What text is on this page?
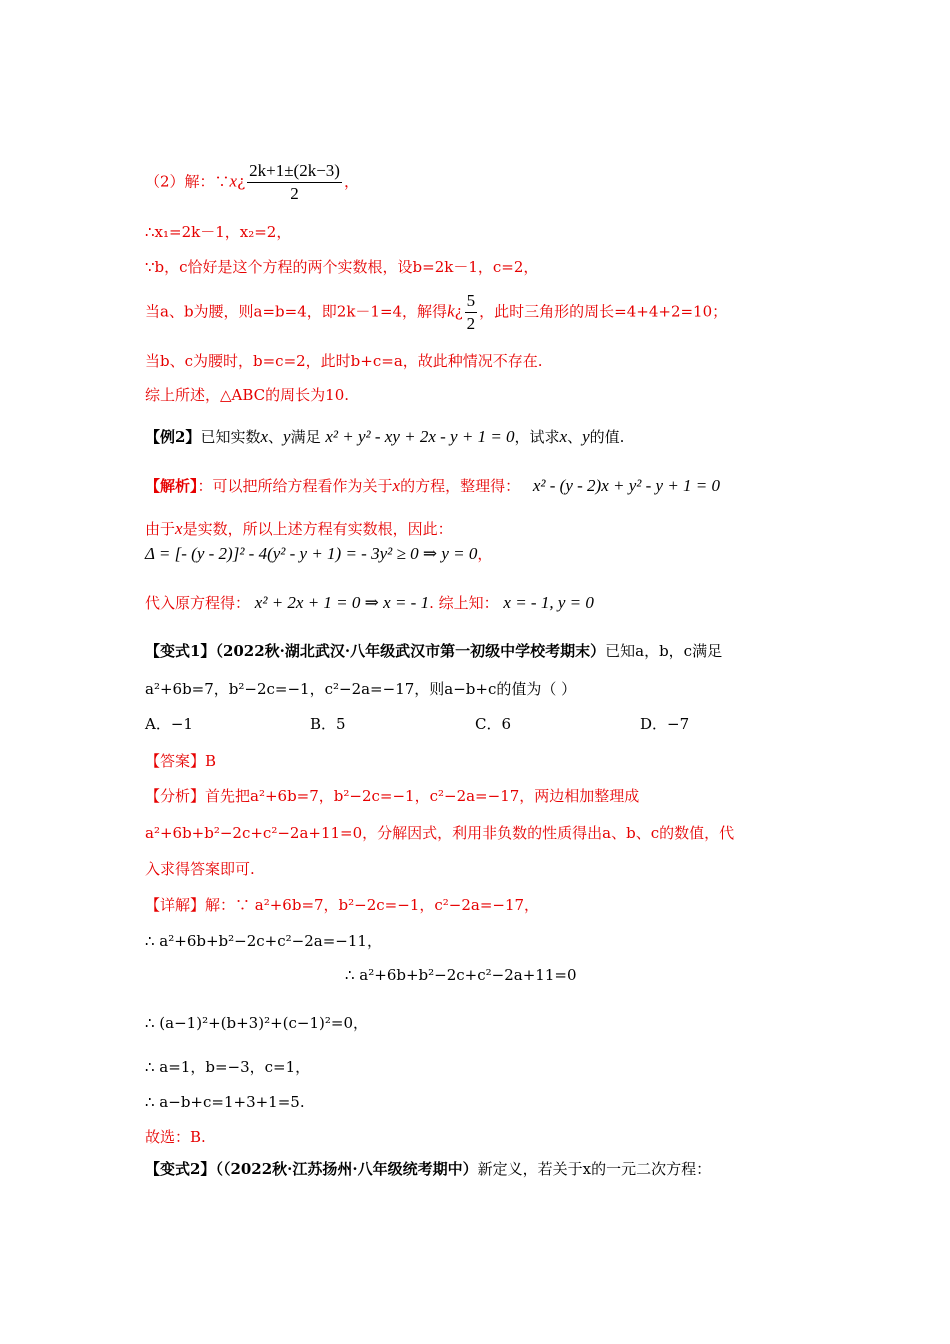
（2）解：∵x¿ $\frac{2k+1\pm(2k-3)}{2}$ ，
∴x₁=2k－1，x₂=2，
∵b，c恰好是这个方程的两个实数根，设b=2k－1，c=2，
当a、b为腰，则a=b=4，即2k－1=4，解得k¿ $\frac{5}{2}$ ，此时三角形的周长=4+4+2=10；
当b、c为腰时，b=c=2，此时b+c=a，故此种情况不存在.
综上所述，△ABC的周长为10.
【例2】已知实数x、y满足 x² + y² - xy + 2x - y + 1 = 0，试求x、y的值.
【解析】：可以把所给方程看作为关于x的方程，整理得： x² - (y - 2)x + y² - y + 1 = 0
由于x是实数，所以上述方程有实数根，因此：
Δ = [- (y - 2)]² - 4(y² - y + 1) = - 3y² ≥ 0 ⇒ y = 0，
代入原方程得： x² + 2x + 1 = 0 ⇒ x = - 1. 综上知： x = - 1, y = 0
【变式1】（2022秋·湖北武汉·八年级武汉市第一初级中学校考期末）已知a，b，c满足
a²+6b=7，b²−2c=−1，c²−2a=−17，则a−b+c的值为（ ）
A．−1	B．5	C．6	D．−7
【答案】B
【分析】首先把a²+6b=7，b²−2c=−1，c²−2a=−17，两边相加整理成
a²+6b+b²−2c+c²−2a+11=0，分解因式，利用非负数的性质得出a、b、c的数值，代
入求得答案即可.
【详解】解：∵ a²+6b=7，b²−2c=−1，c²−2a=−17，
∴ a²+6b+b²−2c+c²−2a=−11，
∴ a²+6b+b²−2c+c²−2a+11=0
∴ (a−1)²+(b+3)²+(c−1)²=0，
∴ a=1，b=−3，c=1，
∴ a−b+c=1+3+1=5.
故选：B.
【变式2】（（2022秋·江苏扬州·八年级统考期中）新定义，若关于x的一元二次方程：
